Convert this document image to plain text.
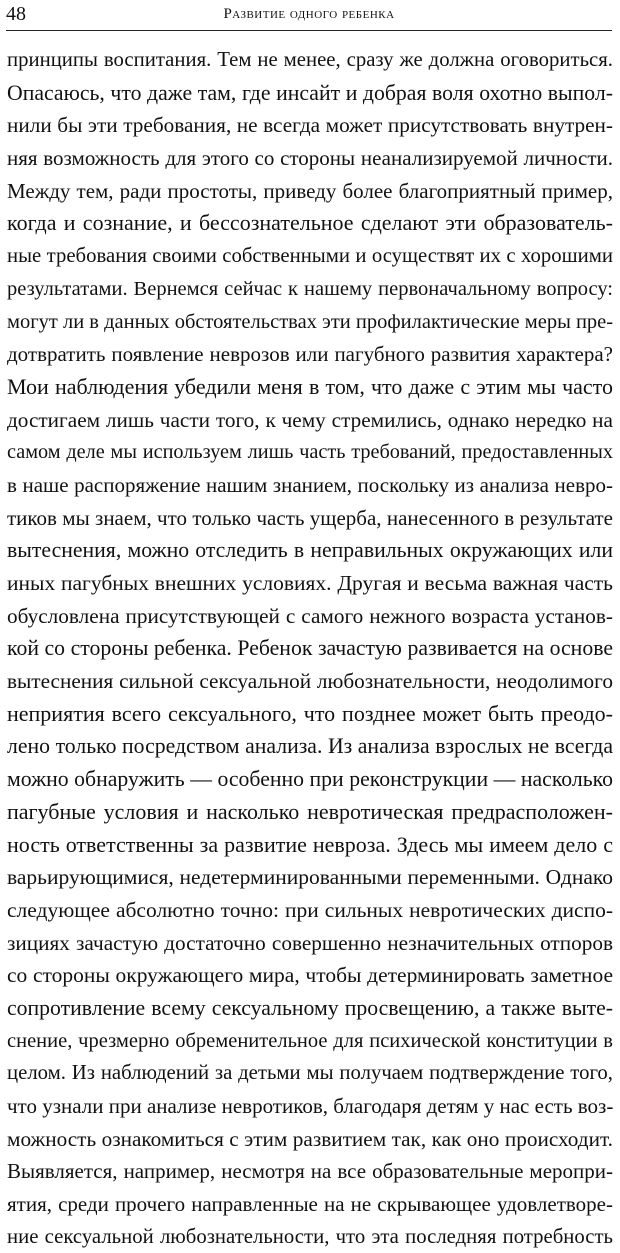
48	Развитие одного ребенка
принципы воспитания. Тем не менее, сразу же должна оговориться.
Опасаюсь, что даже там, где инсайт и добрая воля охотно выпол-
нили бы эти требования, не всегда может присутствовать внутрен-
няя возможность для этого со стороны неанализируемой личности.
Между тем, ради простоты, приведу более благоприятный пример,
когда и сознание, и бессознательное сделают эти образователь-
ные требования своими собственными и осуществят их с хорошими
результатами. Вернемся сейчас к нашему первоначальному вопросу:
могут ли в данных обстоятельствах эти профилактические меры пре-
дотвратить появление неврозов или пагубного развития характера?
Мои наблюдения убедили меня в том, что даже с этим мы часто
достигаем лишь части того, к чему стремились, однако нередко на
самом деле мы используем лишь часть требований, предоставленных
в наше распоряжение нашим знанием, поскольку из анализа невро-
тиков мы знаем, что только часть ущерба, нанесенного в результате
вытеснения, можно отследить в неправильных окружающих или
иных пагубных внешних условиях. Другая и весьма важная часть
обусловлена присутствующей с самого нежного возраста установ-
кой со стороны ребенка. Ребенок зачастую развивается на основе
вытеснения сильной сексуальной любознательности, неодолимого
неприятия всего сексуального, что позднее может быть преодо-
лено только посредством анализа. Из анализа взрослых не всегда
можно обнаружить — особенно при реконструкции — насколько
пагубные условия и насколько невротическая предрасположен-
ность ответственны за развитие невроза. Здесь мы имеем дело с
варьирующимися, недетерминированными переменными. Однако
следующее абсолютно точно: при сильных невротических диспо-
зициях зачастую достаточно совершенно незначительных отпоров
со стороны окружающего мира, чтобы детерминировать заметное
сопротивление всему сексуальному просвещению, а также выте-
снение, чрезмерно обременительное для психической конституции в
целом. Из наблюдений за детьми мы получаем подтверждение того,
что узнали при анализе невротиков, благодаря детям у нас есть воз-
можность ознакомиться с этим развитием так, как оно происходит.
Выявляется, например, несмотря на все образовательные меропри-
ятия, среди прочего направленные на не скрывающее удовлетворе-
ние сексуальной любознательности, что эта последняя потребность
